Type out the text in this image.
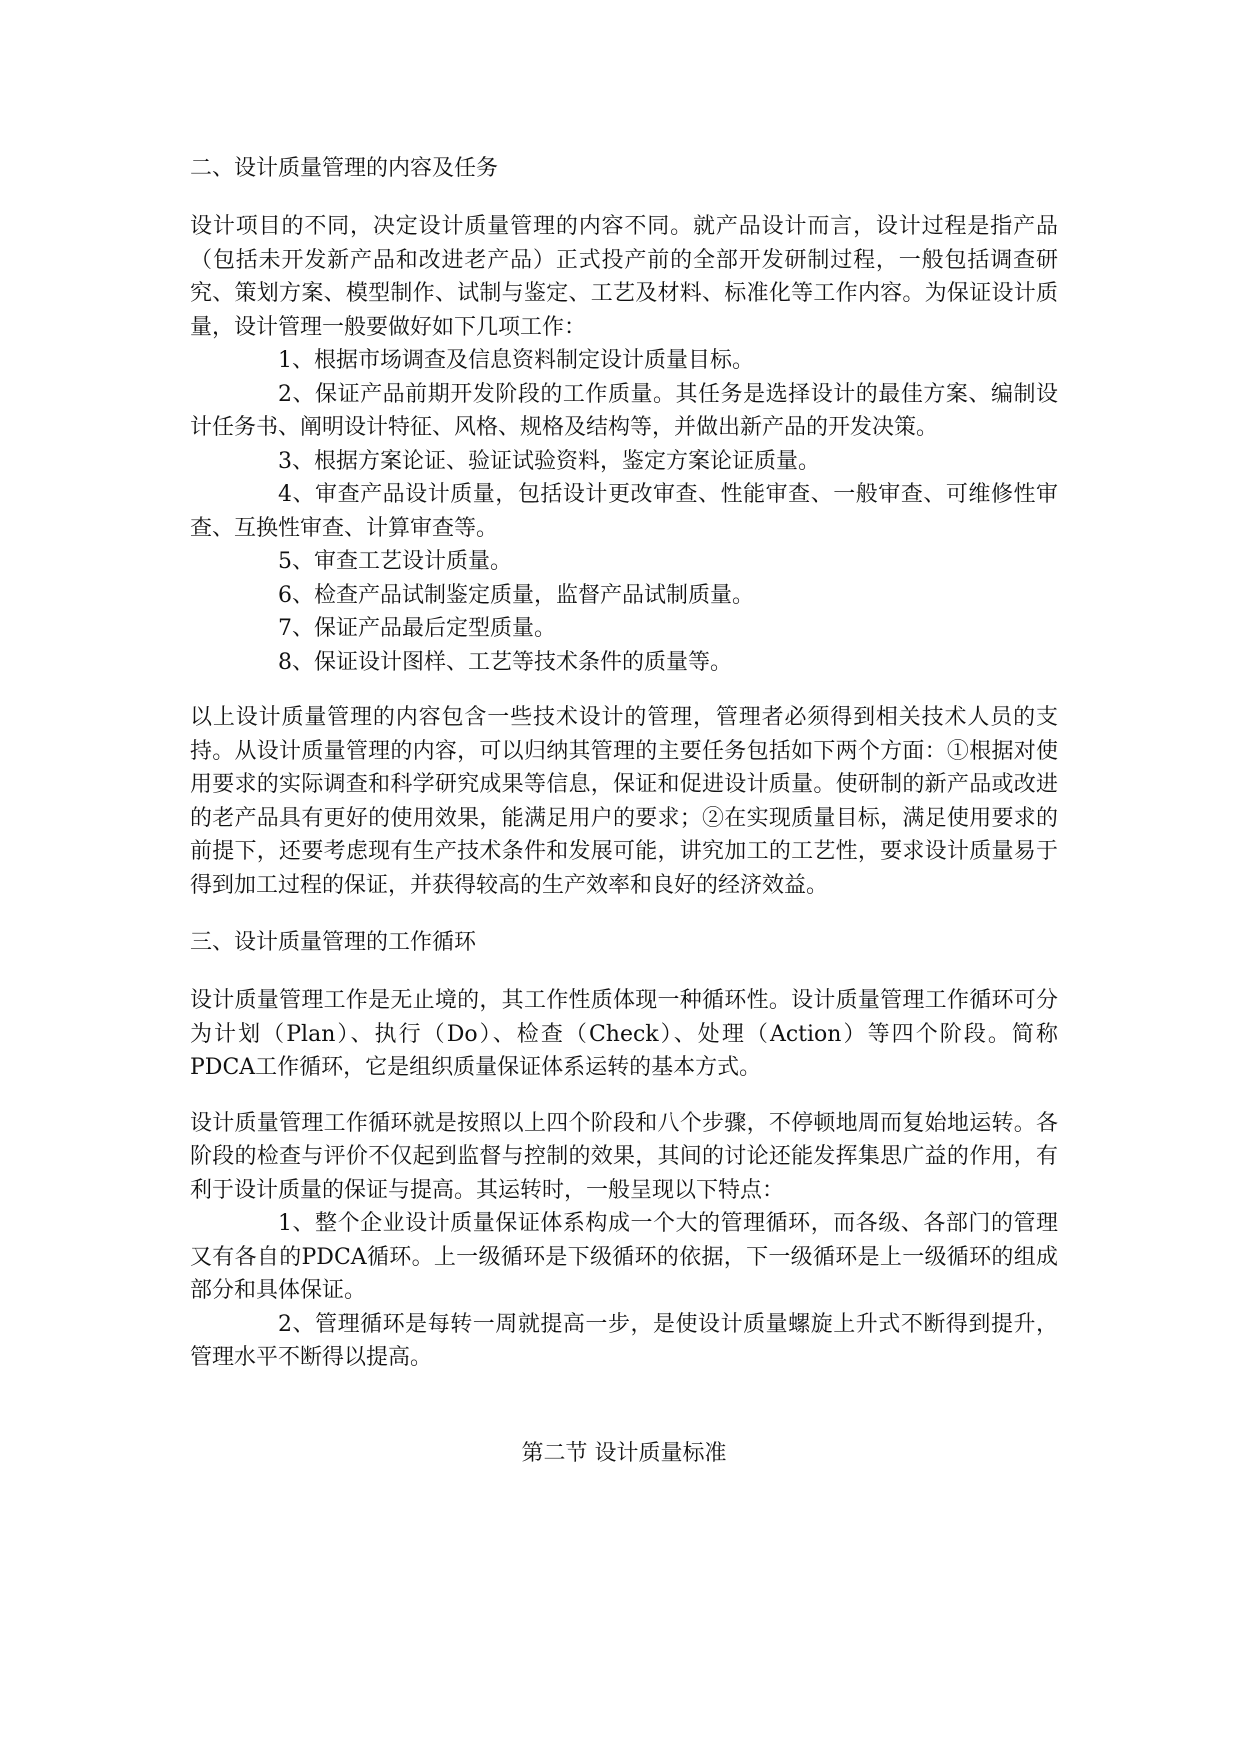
二、设计质量管理的内容及任务

设计项目的不同，决定设计质量管理的内容不同。就产品设计而言，设计过程是指产品（包括未开发新产品和改进老产品）正式投产前的全部开发研制过程，一般包括调查研究、策划方案、模型制作、试制与鉴定、工艺及材料、标准化等工作内容。为保证设计质量，设计管理一般要做好如下几项工作：

1、根据市场调查及信息资料制定设计质量目标。

2、保证产品前期开发阶段的工作质量。其任务是选择设计的最佳方案、编制设计任务书、阐明设计特征、风格、规格及结构等，并做出新产品的开发决策。

3、根据方案论证、验证试验资料，鉴定方案论证质量。

4、审查产品设计质量，包括设计更改审查、性能审查、一般审查、可维修性审查、互换性审查、计算审查等。

5、审查工艺设计质量。

6、检查产品试制鉴定质量，监督产品试制质量。

7、保证产品最后定型质量。

8、保证设计图样、工艺等技术条件的质量等。

以上设计质量管理的内容包含一些技术设计的管理，管理者必须得到相关技术人员的支持。从设计质量管理的内容，可以归纳其管理的主要任务包括如下两个方面：①根据对使用要求的实际调查和科学研究成果等信息，保证和促进设计质量。使研制的新产品或改进的老产品具有更好的使用效果，能满足用户的要求；②在实现质量目标，满足使用要求的前提下，还要考虑现有生产技术条件和发展可能，讲究加工的工艺性，要求设计质量易于得到加工过程的保证，并获得较高的生产效率和良好的经济效益。

三、设计质量管理的工作循环

设计质量管理工作是无止境的，其工作性质体现一种循环性。设计质量管理工作循环可分为计划（Plan）、执行（Do）、检查（Check）、处理（Action）等四个阶段。简称PDCA工作循环，它是组织质量保证体系运转的基本方式。

设计质量管理工作循环就是按照以上四个阶段和八个步骤，不停顿地周而复始地运转。各阶段的检查与评价不仅起到监督与控制的效果，其间的讨论还能发挥集思广益的作用，有利于设计质量的保证与提高。其运转时，一般呈现以下特点：

1、整个企业设计质量保证体系构成一个大的管理循环，而各级、各部门的管理又有各自的PDCA循环。上一级循环是下级循环的依据，下一级循环是上一级循环的组成部分和具体保证。

2、管理循环是每转一周就提高一步，是使设计质量螺旋上升式不断得到提升，管理水平不断得以提高。

第二节 设计质量标准
